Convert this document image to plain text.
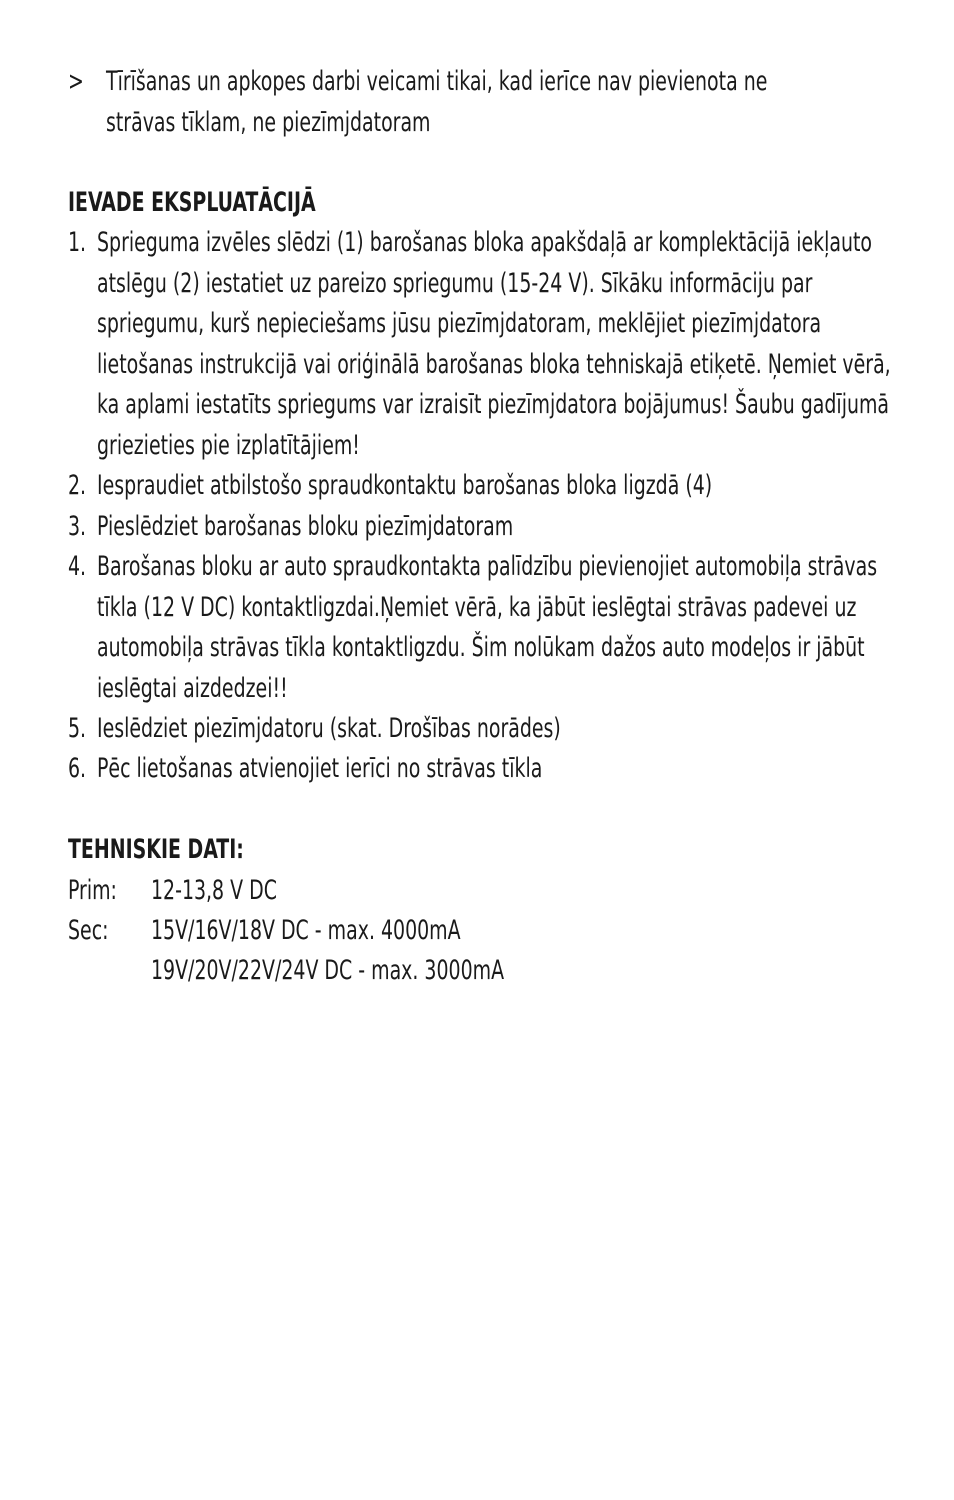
> Tīrīšanas un apkopes darbi veicami tikai, kad ierīce nav pievienota ne
strāvas tīklam, ne piezīmjdatoram
IEVADE EKSPLUATĀCIJĀ
1. Sprieguma izvēles slēdzi (1) barošanas bloka apakšdaļā ar komplektācijā iekļauto
atslēgu (2) iestatiet uz pareizo spriegumu (15-24 V). Sīkāku informāciju par
spriegumu, kurš nepieciešams jūsu piezīmjdatoram, meklējiet piezīmjdatora
lietošanas instrukcijā vai oriģinālā barošanas bloka tehniskajā etiķetē. Ņemiet vērā,
ka aplami iestatīts spriegums var izraisīt piezīmjdatora bojājumus! Šaubu gadījumā
griezieties pie izplatītājiem!
2. Iespraudiet atbilstošo spraudkontaktu barošanas bloka ligzdā (4)
3. Pieslēdziet barošanas bloku piezīmjdatoram
4. Barošanas bloku ar auto spraudkontakta palīdzību pievienojiet automobiļa strāvas
tīkla (12 V DC) kontaktligzdai.Ņemiet vērā, ka jābūt ieslēgtai strāvas padevei uz
automobiļa strāvas tīkla kontaktligzdu. Šim nolūkam dažos auto modeļos ir jābūt
ieslēgtai aizdedzei!!
5. Ieslēdziet piezīmjdatoru (skat. Drošības norādes)
6. Pēc lietošanas atvienojiet ierīci no strāvas tīkla
TEHNISKIE DATI:
Prim: 12-13,8 V DC
Sec: 15V/16V/18V DC - max. 4000mA
19V/20V/22V/24V DC - max. 3000mA
